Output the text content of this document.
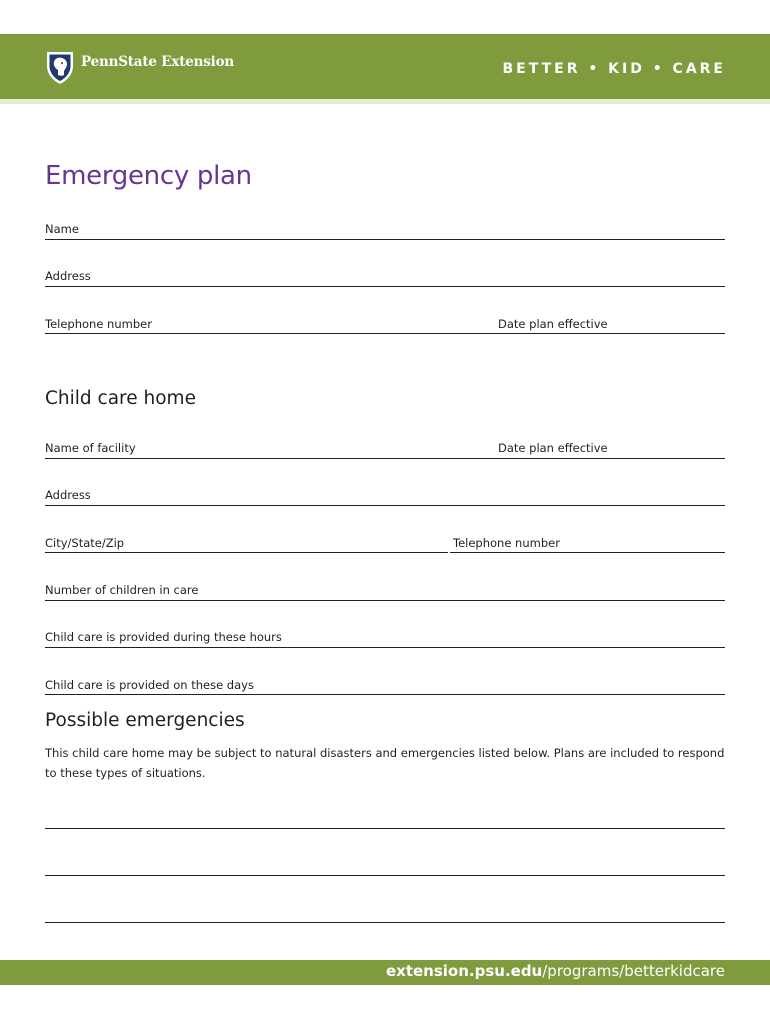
PennState Extension	BETTER • KID • CARE
Emergency plan
Name
Address
Telephone number	Date plan effective
Child care home
Name of facility	Date plan effective
Address
City/State/Zip	Telephone number
Number of children in care
Child care is provided during these hours
Child care is provided on these days
Possible emergencies

This child care home may be subject to natural disasters and emergencies listed below. Plans are included to respond to these types of situations.

extension.psu.edu/programs/betterkidcare
